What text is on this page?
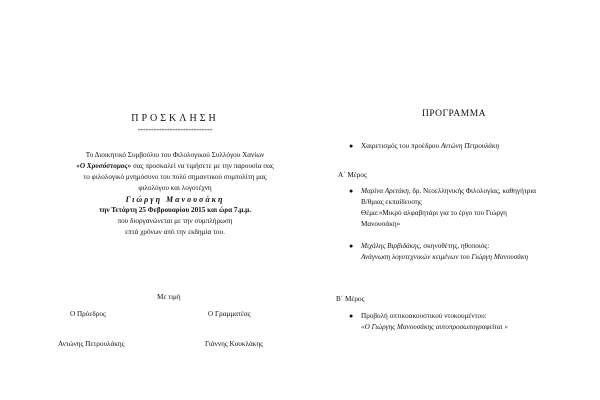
ΠΡΟΣΚΛΗΣΗ
----------------------------
Το Διοικητικό Συμβούλιο του Φιλολογικού Συλλόγου Χανίων
«Ο Χρυσόστομος» σας προσκαλεί να τιμήσετε με την παρουσία σας
το φιλολογικό μνημόσυνο του πολύ σημαντικού συμπολίτη μας
φιλολόγου και λογοτέχνη
Γιώργη Μανουσάκη
την Τετάρτη 25 Φεβρουαρίου 2015 και ώρα 7.μ.μ.
που διοργανώνεται με την συμπλήρωση
επτά χρόνων από την εκδημία του.
Με τιμή
Ο Πρόεδρος	Ο Γραμματέας
Αντώνης Πετρουλάκης	Γιάννης Κουκλάκης
ΠΡΟΓΡΑΜΜΑ
● Χαιρετισμός του προέδρου Αντώνη Πετρουλάκη
Α΄ Μέρος
● Μαρίνα Αρετάκη, δρ. Νεοελληνικής Φιλολογίας, καθηγήτρια
Β/θμιας εκπαίδευσης
Θέμα:«Μικρό αλφαβητάρι για το έργο του Γιώργη
Μανουσάκη»
● Μιχάλης Βιρβιδάκης, σκηνοθέτης, ηθοποιός:
Ανάγνωση λογοτεχνικών κειμένων του Γιώργη Μανουσάκη
Β΄ Μέρος
● Προβολή οπτικοακουστικού ντοκουμέντου:
«Ο Γιώργης Μανουσάκης αυτοπροσωπογραφείται »
